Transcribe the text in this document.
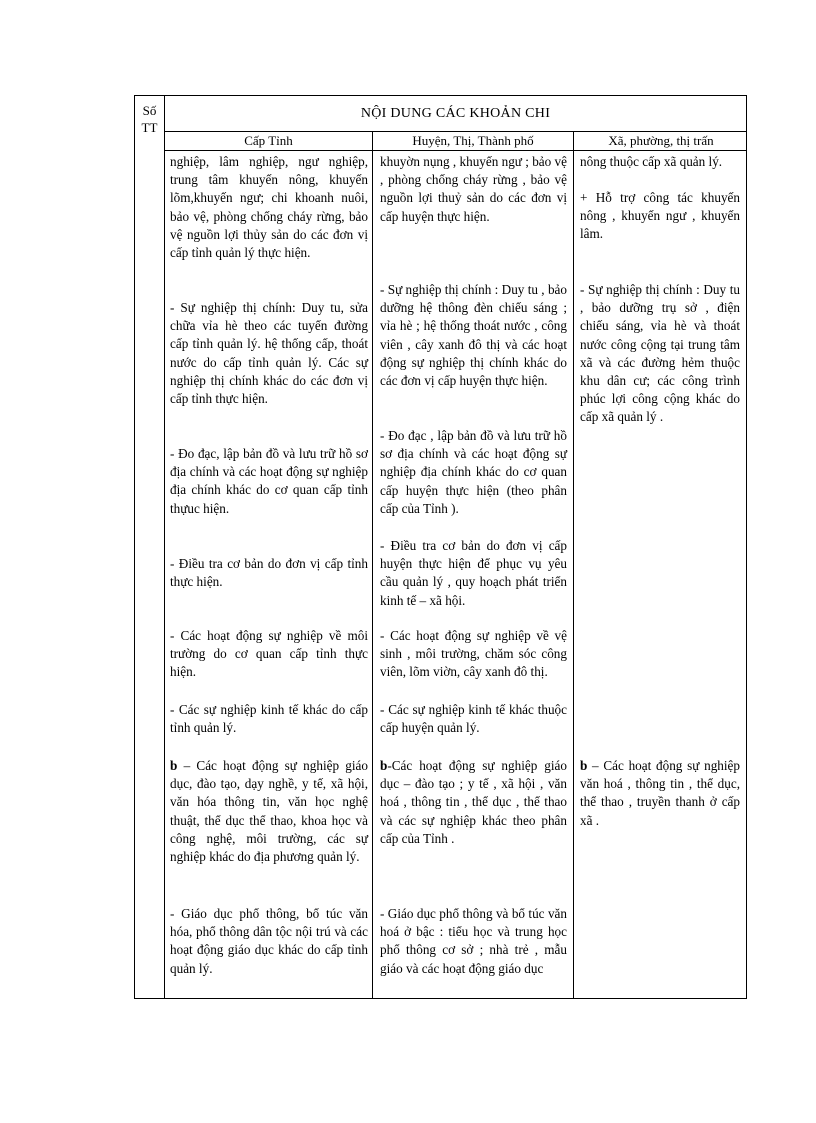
Số
TT
NỘI DUNG CÁC KHOẢN CHI
Cấp Tỉnh	Huyện, Thị, Thành phố	Xã, phường, thị trấn

nghiệp, lâm nghiệp, ngư nghiệp, trung tâm khuyến nông, khuyến lõm,khuyến ngư; chi khoanh nuôi, bảo vệ, phòng chống cháy rừng, bảo vệ nguồn lợi thủy sản do các đơn vị cấp tỉnh quản lý thực hiện.

- Sự nghiệp thị chính: Duy tu, sửa chữa vỉa hè theo các tuyến đường cấp tỉnh quản lý. hệ thống cấp, thoát nước do cấp tỉnh quản lý. Các sự nghiệp thị chính khác do các đơn vị cấp tỉnh thực hiện.

- Đo đạc, lập bản đồ và lưu trữ hồ sơ địa chính và các hoạt động sự nghiệp địa chính khác do cơ quan cấp tỉnh thựuc hiện.

- Điều tra cơ bản do đơn vị cấp tỉnh thực hiện.

- Các hoạt động sự nghiệp về môi trường do cơ quan cấp tỉnh thực hiện.

- Các sự nghiệp kinh tế khác do cấp tỉnh quản lý.

b – Các hoạt động sự nghiệp giáo dục, đào tạo, dạy nghề, y tế, xã hội, văn hóa thông tin, văn học nghệ thuật, thể dục thể thao, khoa học và công nghệ, môi trường, các sự nghiệp khác do địa phương quản lý.

- Giáo dục phổ thông, bổ túc văn hóa, phổ thông dân tộc nội trú và các hoạt động giáo dục khác do cấp tỉnh quản lý.

khuyờn nụng , khuyến ngư ; bảo vệ , phòng chống cháy rừng , bảo vệ nguồn lợi thuỷ sản do các đơn vị cấp huyện thực hiện.

- Sự nghiệp thị chính : Duy tu , bảo dưỡng hệ thông đèn chiếu sáng ; vỉa hè ; hệ thống thoát nước , công viên , cây xanh đô thị và các hoạt động sự nghiệp thị chính khác do các đơn vị cấp huyện thực hiện.

- Đo đạc , lập bản đồ và lưu trữ hồ sơ địa chính và các hoạt động sự nghiệp địa chính khác do cơ quan cấp huyện thực hiện (theo phân cấp của Tỉnh ).

- Điều tra cơ bản do đơn vị cấp huyện thực hiện để phục vụ yêu cầu quản lý , quy hoạch phát triển kinh tế – xã hội.

- Các hoạt động sự nghiệp về vệ sinh , môi trường, chăm sóc công viên, lõm viờn, cây xanh đô thị.

- Các sự nghiệp kinh tế khác thuộc cấp huyện quản lý.

b-Các hoạt động sự nghiệp giáo dục – đào tạo ; y tế , xã hội , văn hoá , thông tin , thể dục , thể thao và các sự nghiệp khác theo phân cấp của Tỉnh .

- Giáo dục phổ thông và bổ túc văn hoá ở bậc : tiểu học và trung học phổ thông cơ sở ; nhà trẻ , mẫu giáo và các hoạt động giáo dục

nông thuộc cấp xã quản lý.

+ Hỗ trợ công tác khuyến nông , khuyến ngư , khuyến lâm.

- Sự nghiệp thị chính : Duy tu , bảo dưỡng trụ sở , điện chiếu sáng, vỉa hè và thoát nước công cộng tại trung tâm xã và các đường hẻm thuộc khu dân cư; các công trình phúc lợi công cộng khác do cấp xã quản lý .

b – Các hoạt động sự nghiệp văn hoá , thông tin , thể dục, thể thao , truyền thanh ở cấp xã .
